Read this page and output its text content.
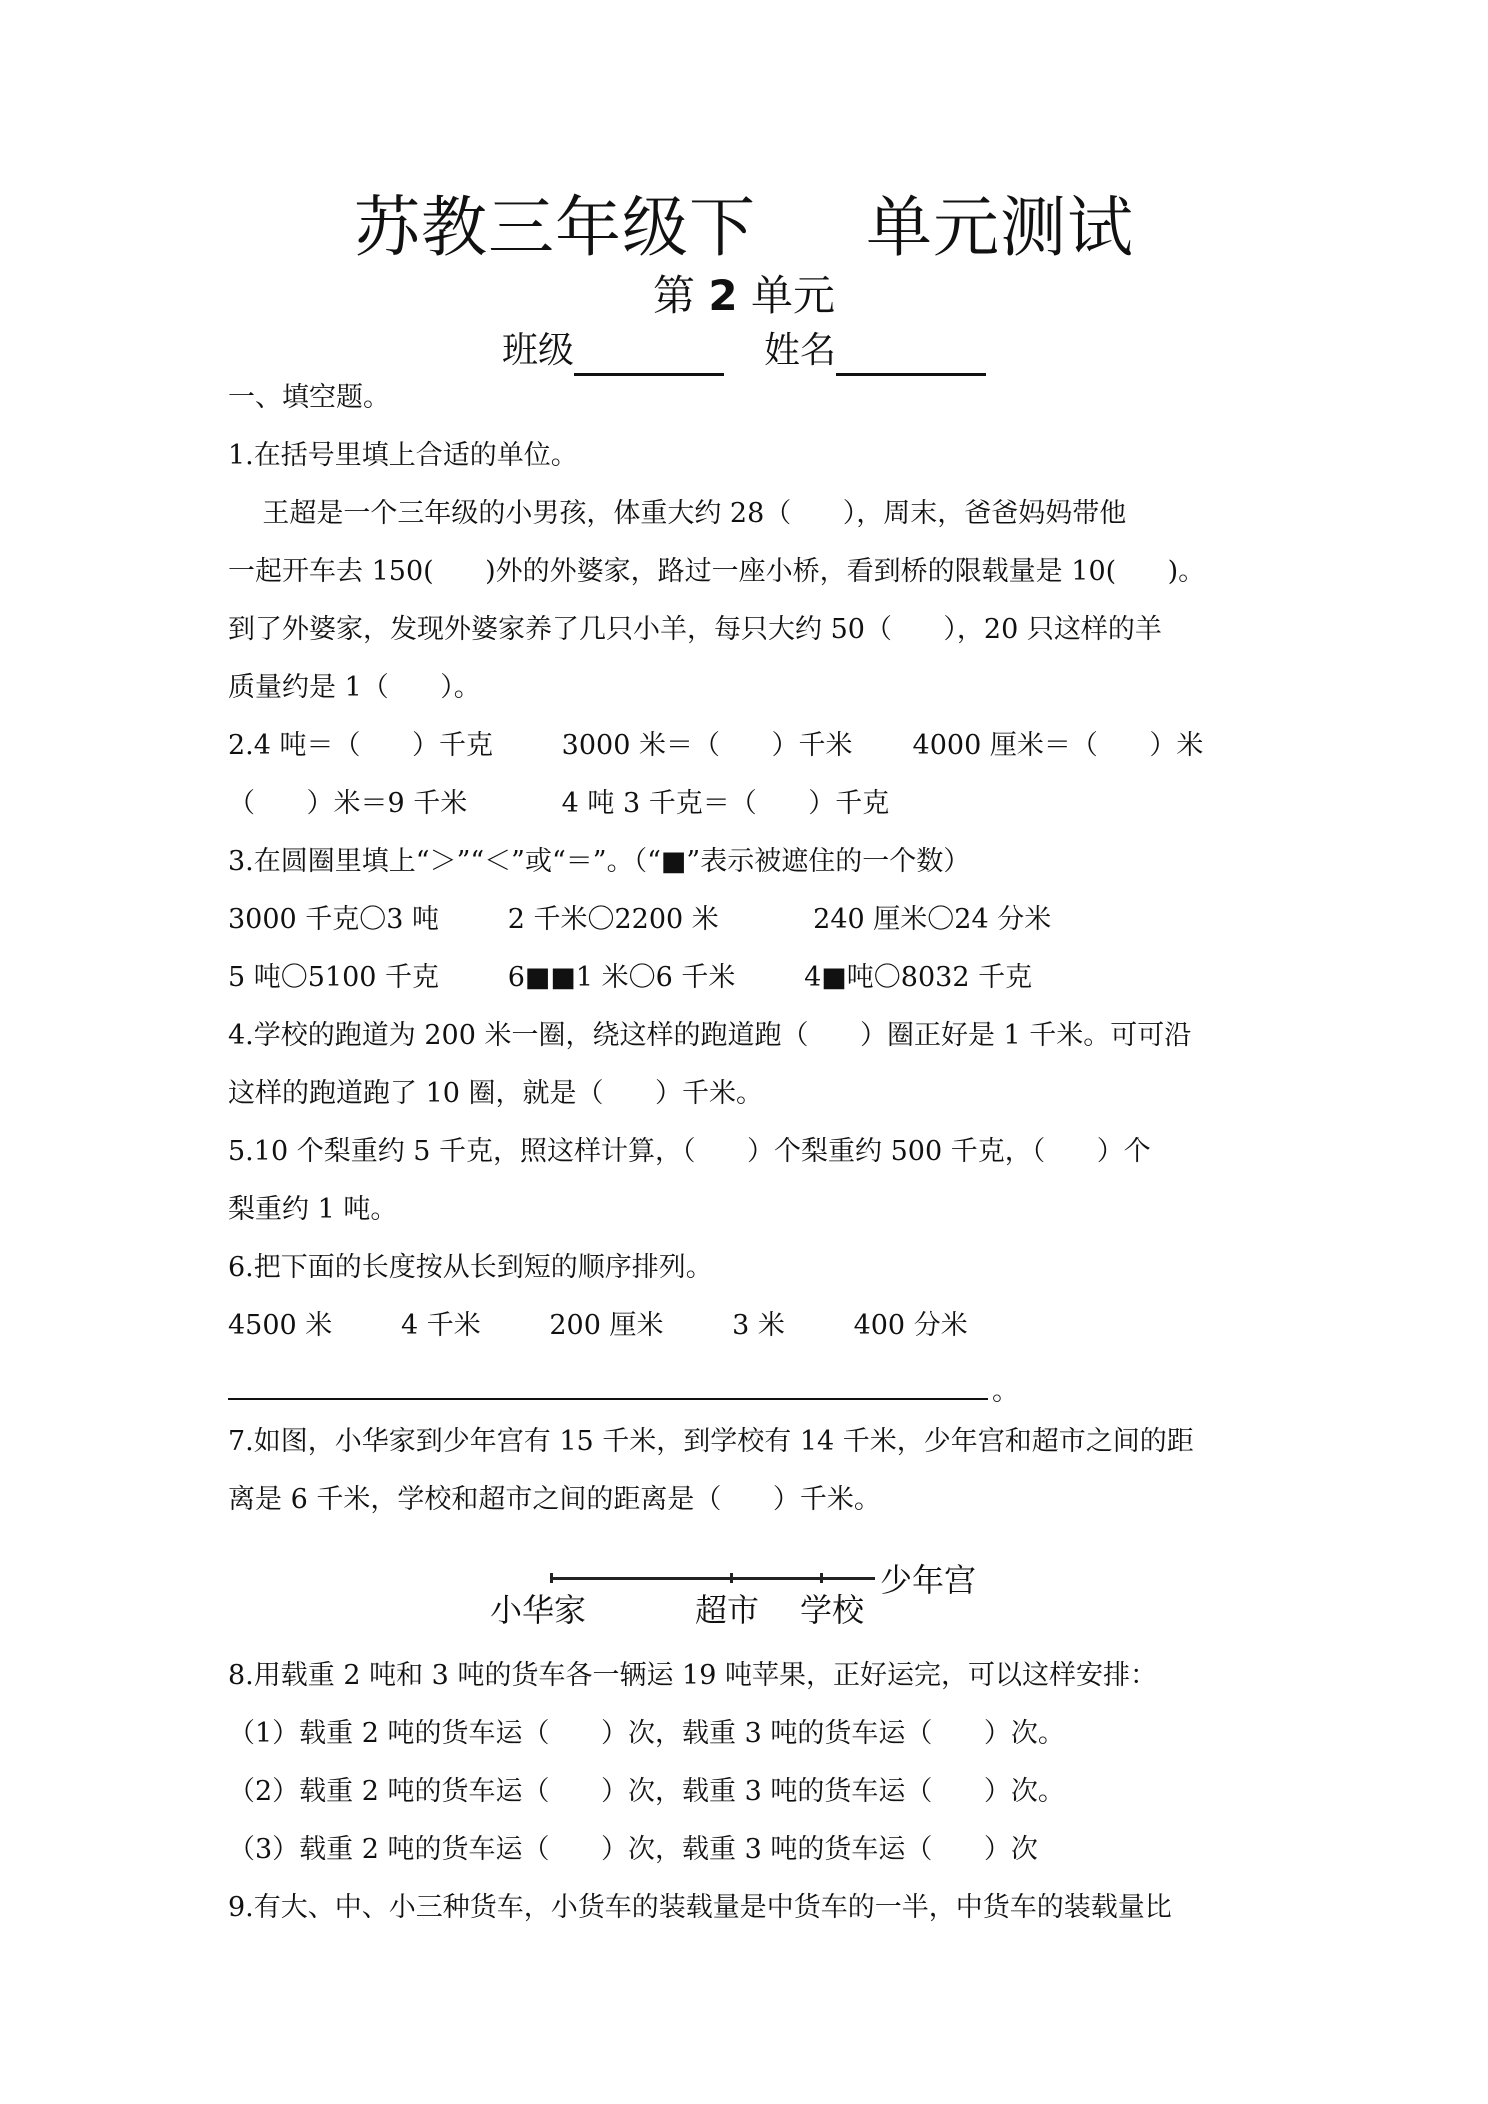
苏教三年级下 单元测试
第 2 单元
班级	姓名
一、填空题。
1.在括号里填上合适的单位。
王超是一个三年级的小男孩，体重大约 28（      ），周末，爸爸妈妈带他
一起开车去 150(      )外的外婆家，路过一座小桥，看到桥的限载量是 10(      )。
到了外婆家，发现外婆家养了几只小羊，每只大约 50（      ），20 只这样的羊
质量约是 1（      ）。
2.4 吨＝（      ）千克        3000 米＝（      ）千米       4000 厘米＝（      ）米
（      ）米＝9 千米           4 吨 3 千克＝（      ）千克
3.在圆圈里填上“＞”“＜”或“＝”。（“■”表示被遮住的一个数）
3000 千克〇3 吨        2 千米〇2200 米           240 厘米〇24 分米
5 吨〇5100 千克        6■■1 米〇6 千米        4■吨〇8032 千克
4.学校的跑道为 200 米一圈，绕这样的跑道跑（      ）圈正好是 1 千米。可可沿
这样的跑道跑了 10 圈，就是（      ）千米。
5.10 个梨重约 5 千克，照这样计算，（      ）个梨重约 500 千克，（      ）个
梨重约 1 吨。
6.把下面的长度按从长到短的顺序排列。
4500 米        4 千米        200 厘米        3 米        400 分米
。
7.如图，小华家到少年宫有 15 千米，到学校有 14 千米，少年宫和超市之间的距
离是 6 千米，学校和超市之间的距离是（      ）千米。
小华家	超市 学校
少年宫
8.用载重 2 吨和 3 吨的货车各一辆运 19 吨苹果，正好运完，可以这样安排：
（1）载重 2 吨的货车运（      ）次，载重 3 吨的货车运（      ）次。
（2）载重 2 吨的货车运（      ）次，载重 3 吨的货车运（      ）次。
（3）载重 2 吨的货车运（      ）次，载重 3 吨的货车运（      ）次
9.有大、中、小三种货车，小货车的装载量是中货车的一半，中货车的装载量比
